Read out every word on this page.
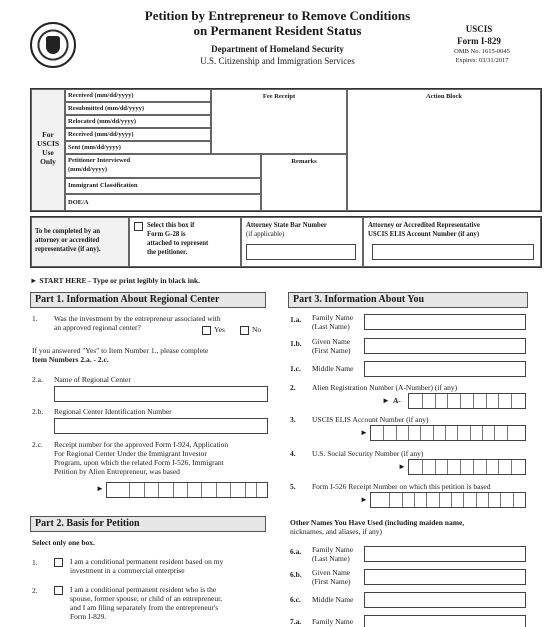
Petition by Entrepreneur to Remove Conditions
on Permanent Resident Status
Department of Homeland Security
U.S. Citizenship and Immigration Services
USCIS
Form I-829
OMB No. 1615-0045
Expires: 03/31/2017
For
USCIS
Use
Only
Received (mm/dd/yyyy)
Resubmitted (mm/dd/yyyy)
Relocated (mm/dd/yyyy)
Received (mm/dd/yyyy)
Sent (mm/dd/yyyy)
Petitioner Interviewed
(mm/dd/yyyy)
Immigrant Classification
DOE/A
Fee Receipt
Remarks
Action Block
To be completed by an
attorney or accredited
representative (if any).
Select this box if
Form G-28 is
attached to represent
the petitioner.
Attorney State Bar Number
(if applicable)
Attorney or Accredited Representative
USCIS ELIS Account Number (if any)
► START HERE - Type or print legibly in black ink.
Part 1. Information About Regional Center
1. Was the investment by the entrepreneur associated with
an approved regional center?	Yes	No
If you answered "Yes" to Item Number 1., please complete
Item Numbers 2.a. - 2.c.
2.a. Name of Regional Center
2.b. Regional Center Identification Number
2.c. Receipt number for the approved Form I-924, Application
For Regional Center Under the Immigrant Investor
Program, upon which the related Form I-526, Immigrant
Petition by Alien Entrepreneur, was based
►
Part 2. Basis for Petition
Select only one box.
1.	I am a conditional permanent resident based on my
investment in a commercial enterprise
2.	I am a conditional permanent resident who is the
spouse, former spouse, or child of an entrepreneur,
and I am filing separately from the entrepreneur's
Form I-829.
Part 3. Information About You
1.a. Family Name
(Last Name)
1.b. Given Name
(First Name)
1.c. Middle Name
2. Alien Registration Number (A-Number) (if any)
► A-
3. USCIS ELIS Account Number (if any)
►
4. U.S. Social Security Number (if any)
►
5. Form I-526 Receipt Number on which this petition is based
►
Other Names You Have Used (including maiden name,
nicknames, and aliases, if any)
6.a. Family Name
(Last Name)
6.b. Given Name
(First Name)
6.c. Middle Name
7.a. Family Name
